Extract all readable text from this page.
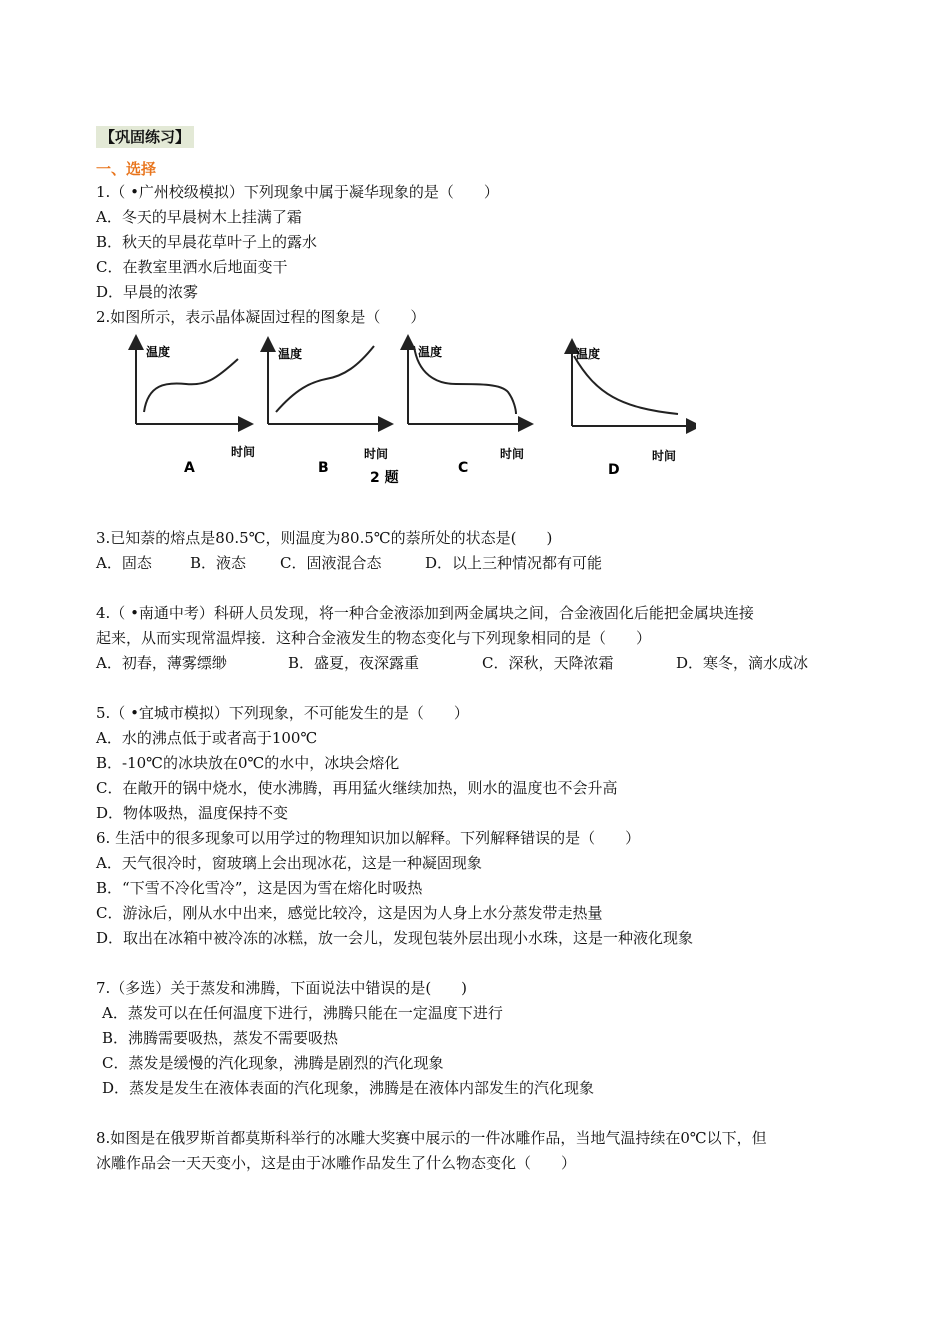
【巩固练习】
一、选择
1.（ •广州校级模拟）下列现象中属于凝华现象的是（　　）
A．冬天的早晨树木上挂满了霜
B．秋天的早晨花草叶子上的露水
C．在教室里洒水后地面变干
D．早晨的浓雾
2.如图所示，表示晶体凝固过程的图象是（　　）
温度
时间
A
温度
时间
B
温度
时间
C
温度
时间
D
2 题
3.已知萘的熔点是80.5℃，则温度为80.5℃的萘所处的状态是(　　)
A．固态	B．液态	C．固液混合态	D．以上三种情况都有可能
4.（ •南通中考）科研人员发现，将一种合金液添加到两金属块之间，合金液固化后能把金属块连接
起来，从而实现常温焊接．这种合金液发生的物态变化与下列现象相同的是（　　）
A．初春，薄雾缥缈	B．盛夏，夜深露重	C．深秋，天降浓霜	D．寒冬，滴水成冰
5.（ •宜城市模拟）下列现象，不可能发生的是（　　）
A．水的沸点低于或者高于100℃
B．-10℃的冰块放在0℃的水中，冰块会熔化
C．在敞开的锅中烧水，使水沸腾，再用猛火继续加热，则水的温度也不会升高
D．物体吸热，温度保持不变
6. 生活中的很多现象可以用学过的物理知识加以解释。下列解释错误的是（　　）
A．天气很冷时，窗玻璃上会出现冰花，这是一种凝固现象
B．“下雪不冷化雪冷”，这是因为雪在熔化时吸热
C．游泳后，刚从水中出来，感觉比较冷，这是因为人身上水分蒸发带走热量
D．取出在冰箱中被冷冻的冰糕，放一会儿，发现包装外层出现小水珠，这是一种液化现象
7.（多选）关于蒸发和沸腾，下面说法中错误的是(　　)
A．蒸发可以在任何温度下进行，沸腾只能在一定温度下进行
B．沸腾需要吸热，蒸发不需要吸热
C．蒸发是缓慢的汽化现象，沸腾是剧烈的汽化现象
D．蒸发是发生在液体表面的汽化现象，沸腾是在液体内部发生的汽化现象
8.如图是在俄罗斯首都莫斯科举行的冰雕大奖赛中展示的一件冰雕作品，当地气温持续在0℃以下，但
冰雕作品会一天天变小，这是由于冰雕作品发生了什么物态变化（　　）
